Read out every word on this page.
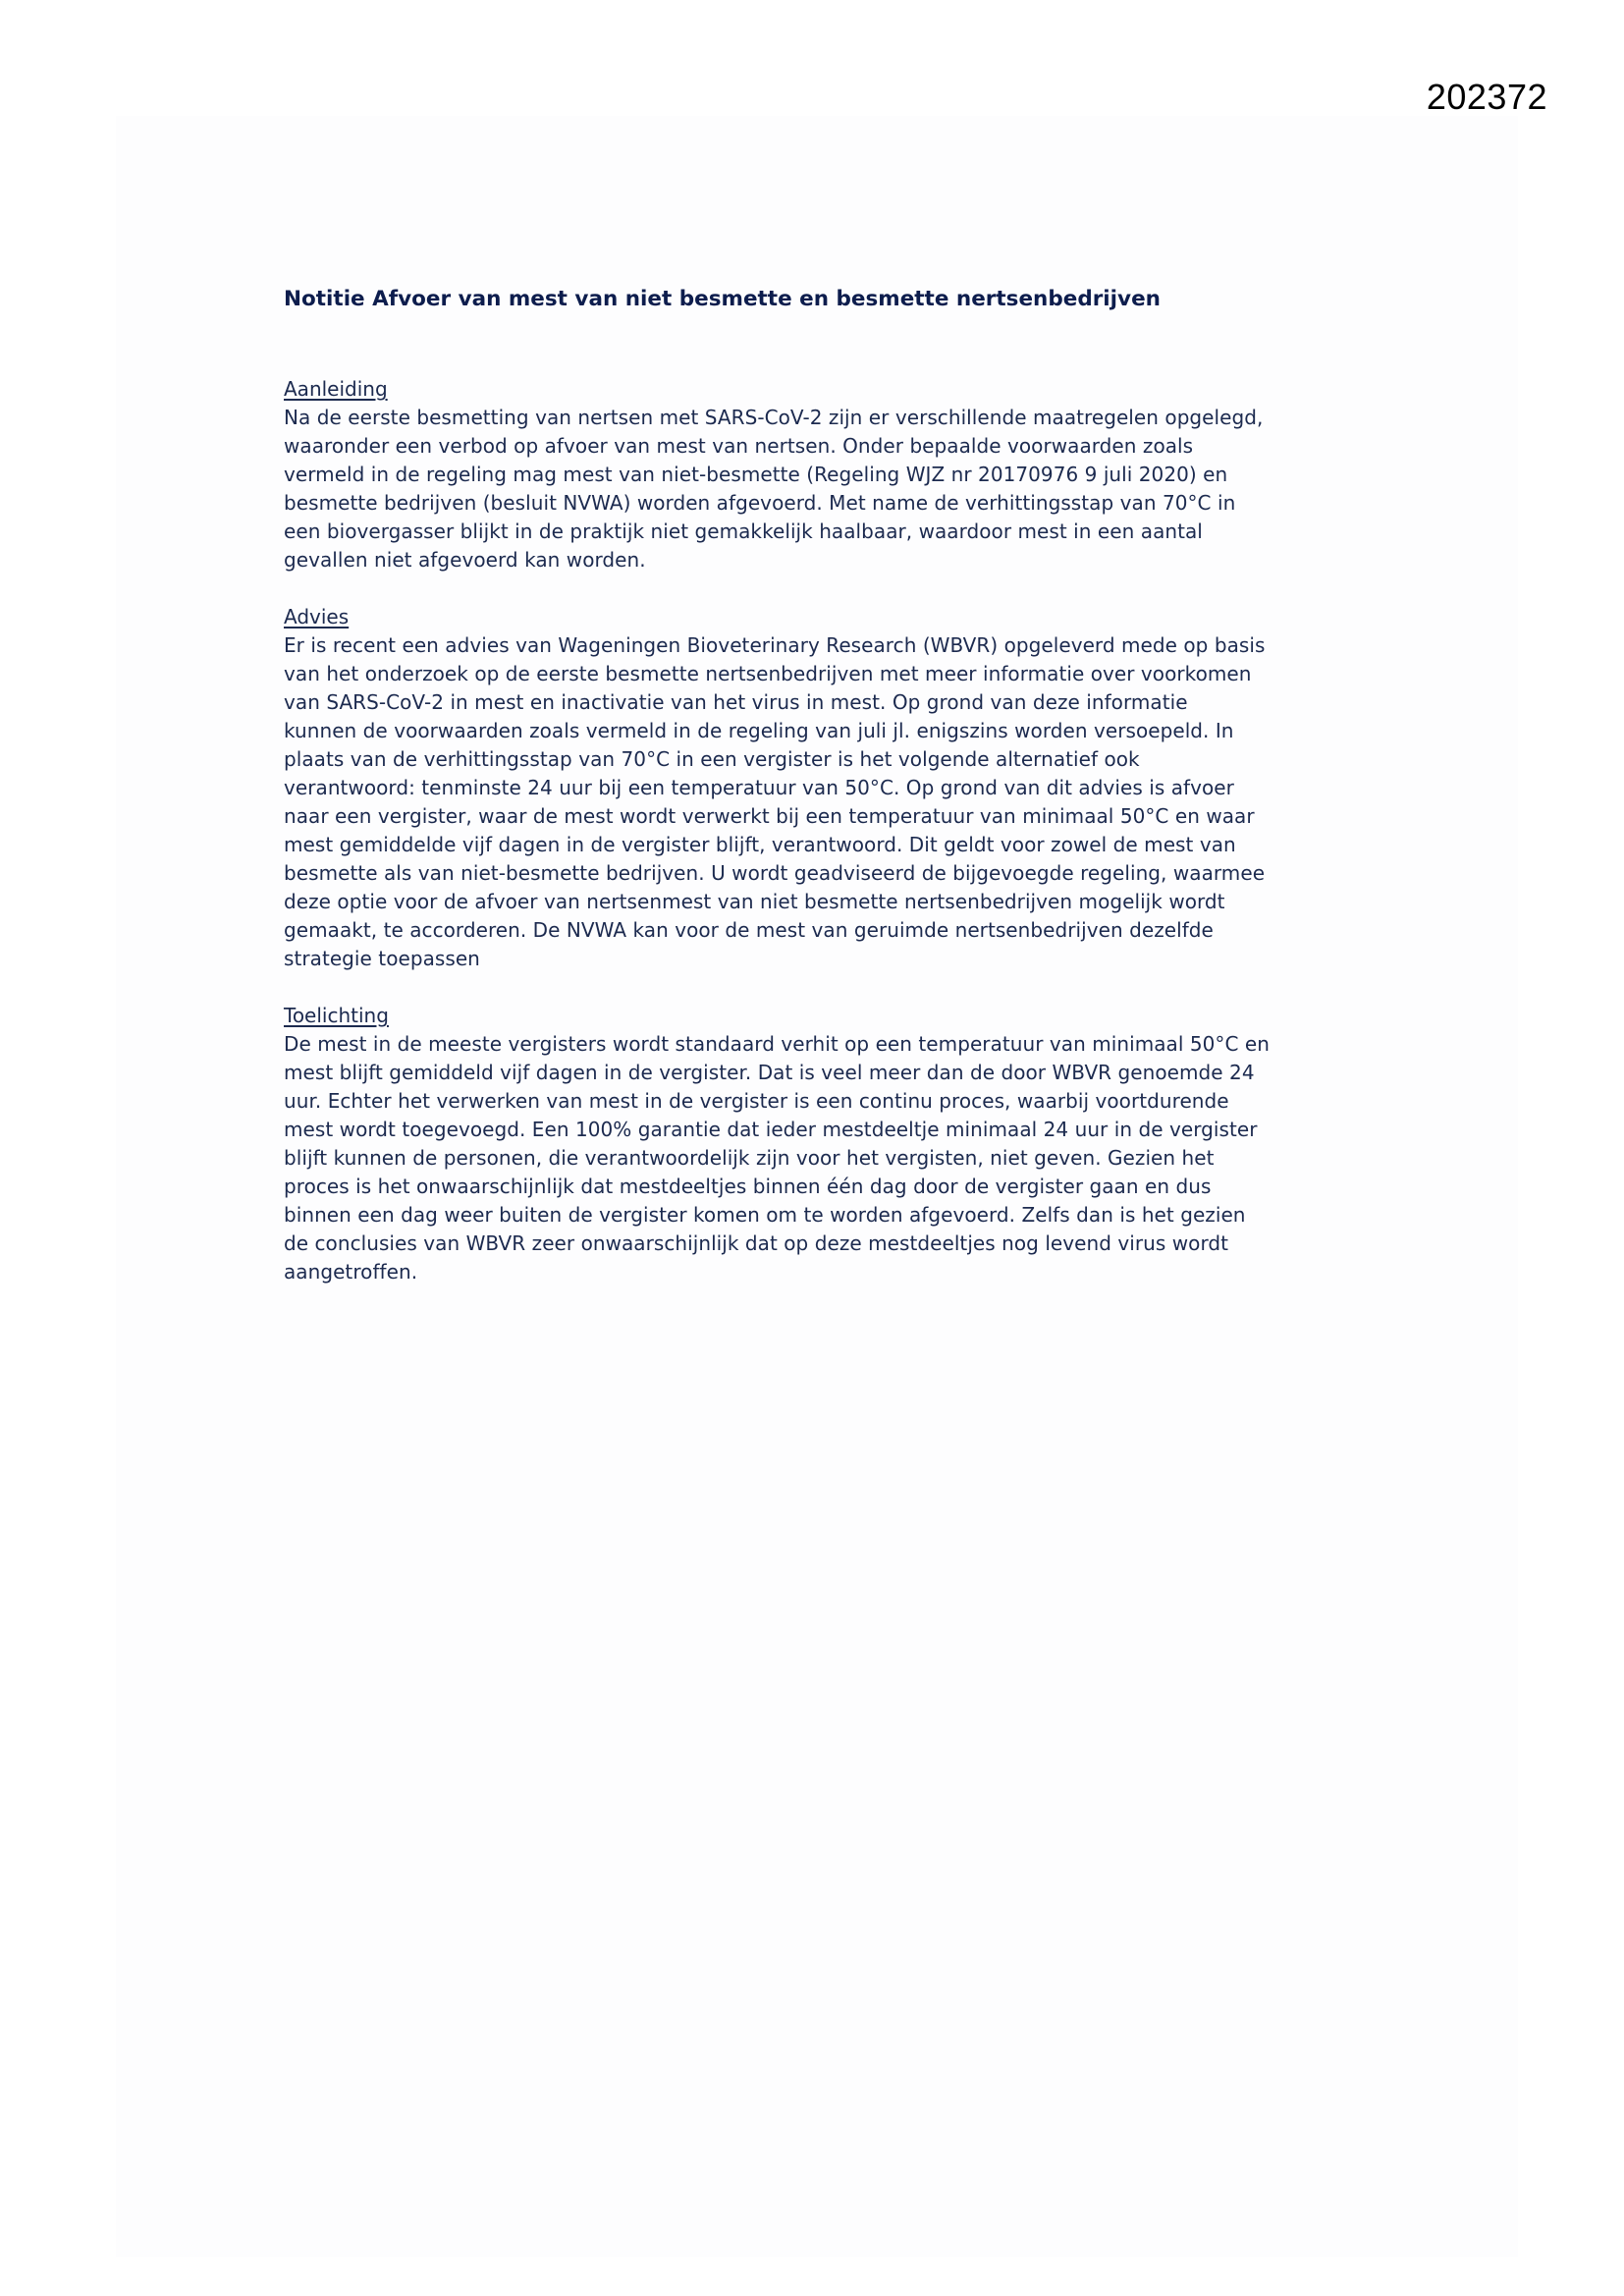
202372
Notitie Afvoer van mest van niet besmette en besmette nertsenbedrijven
Aanleiding

Na de eerste besmetting van nertsen met SARS-CoV-2 zijn er verschillende maatregelen opgelegd,
waaronder een verbod op afvoer van mest van nertsen. Onder bepaalde voorwaarden zoals
vermeld in de regeling mag mest van niet-besmette (Regeling WJZ nr 20170976 9 juli 2020) en
besmette bedrijven (besluit NVWA) worden afgevoerd. Met name de verhittingsstap van 70°C in
een biovergasser blijkt in de praktijk niet gemakkelijk haalbaar, waardoor mest in een aantal
gevallen niet afgevoerd kan worden.

Advies

Er is recent een advies van Wageningen Bioveterinary Research (WBVR) opgeleverd mede op basis
van het onderzoek op de eerste besmette nertsenbedrijven met meer informatie over voorkomen
van SARS-CoV-2 in mest en inactivatie van het virus in mest. Op grond van deze informatie
kunnen de voorwaarden zoals vermeld in de regeling van juli jl. enigszins worden versoepeld. In
plaats van de verhittingsstap van 70°C in een vergister is het volgende alternatief ook
verantwoord: tenminste 24 uur bij een temperatuur van 50°C. Op grond van dit advies is afvoer
naar een vergister, waar de mest wordt verwerkt bij een temperatuur van minimaal 50°C en waar
mest gemiddelde vijf dagen in de vergister blijft, verantwoord. Dit geldt voor zowel de mest van
besmette als van niet-besmette bedrijven. U wordt geadviseerd de bijgevoegde regeling, waarmee
deze optie voor de afvoer van nertsenmest van niet besmette nertsenbedrijven mogelijk wordt
gemaakt, te accorderen. De NVWA kan voor de mest van geruimde nertsenbedrijven dezelfde
strategie toepassen

Toelichting

De mest in de meeste vergisters wordt standaard verhit op een temperatuur van minimaal 50°C en
mest blijft gemiddeld vijf dagen in de vergister. Dat is veel meer dan de door WBVR genoemde 24
uur. Echter het verwerken van mest in de vergister is een continu proces, waarbij voortdurende
mest wordt toegevoegd. Een 100% garantie dat ieder mestdeeltje minimaal 24 uur in de vergister
blijft kunnen de personen, die verantwoordelijk zijn voor het vergisten, niet geven. Gezien het
proces is het onwaarschijnlijk dat mestdeeltjes binnen één dag door de vergister gaan en dus
binnen een dag weer buiten de vergister komen om te worden afgevoerd. Zelfs dan is het gezien
de conclusies van WBVR zeer onwaarschijnlijk dat op deze mestdeeltjes nog levend virus wordt
aangetroffen.
